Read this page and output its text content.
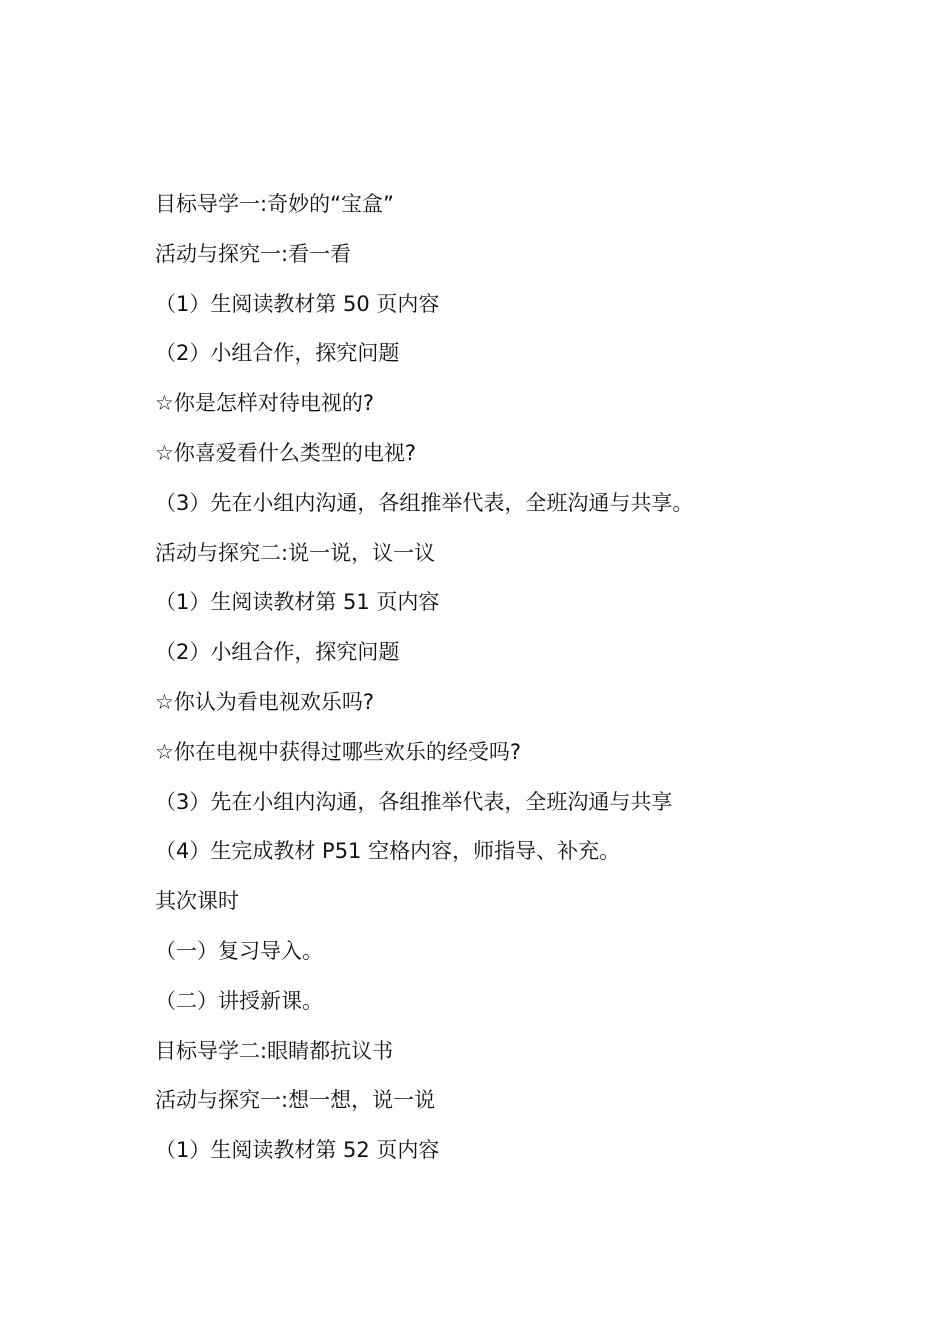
目标导学一:奇妙的“宝盒”
活动与探究一:看一看
（1）生阅读教材第 50 页内容
（2）小组合作，探究问题
☆你是怎样对待电视的?
☆你喜爱看什么类型的电视?
（3）先在小组内沟通，各组推举代表，全班沟通与共享。
活动与探究二:说一说，议一议
（1）生阅读教材第 51 页内容
（2）小组合作，探究问题
☆你认为看电视欢乐吗?
☆你在电视中获得过哪些欢乐的经受吗?
（3）先在小组内沟通，各组推举代表，全班沟通与共享
（4）生完成教材 P51 空格内容，师指导、补充。
其次课时
（一）复习导入。
（二）讲授新课。
目标导学二:眼睛都抗议书
活动与探究一:想一想，说一说
（1）生阅读教材第 52 页内容
